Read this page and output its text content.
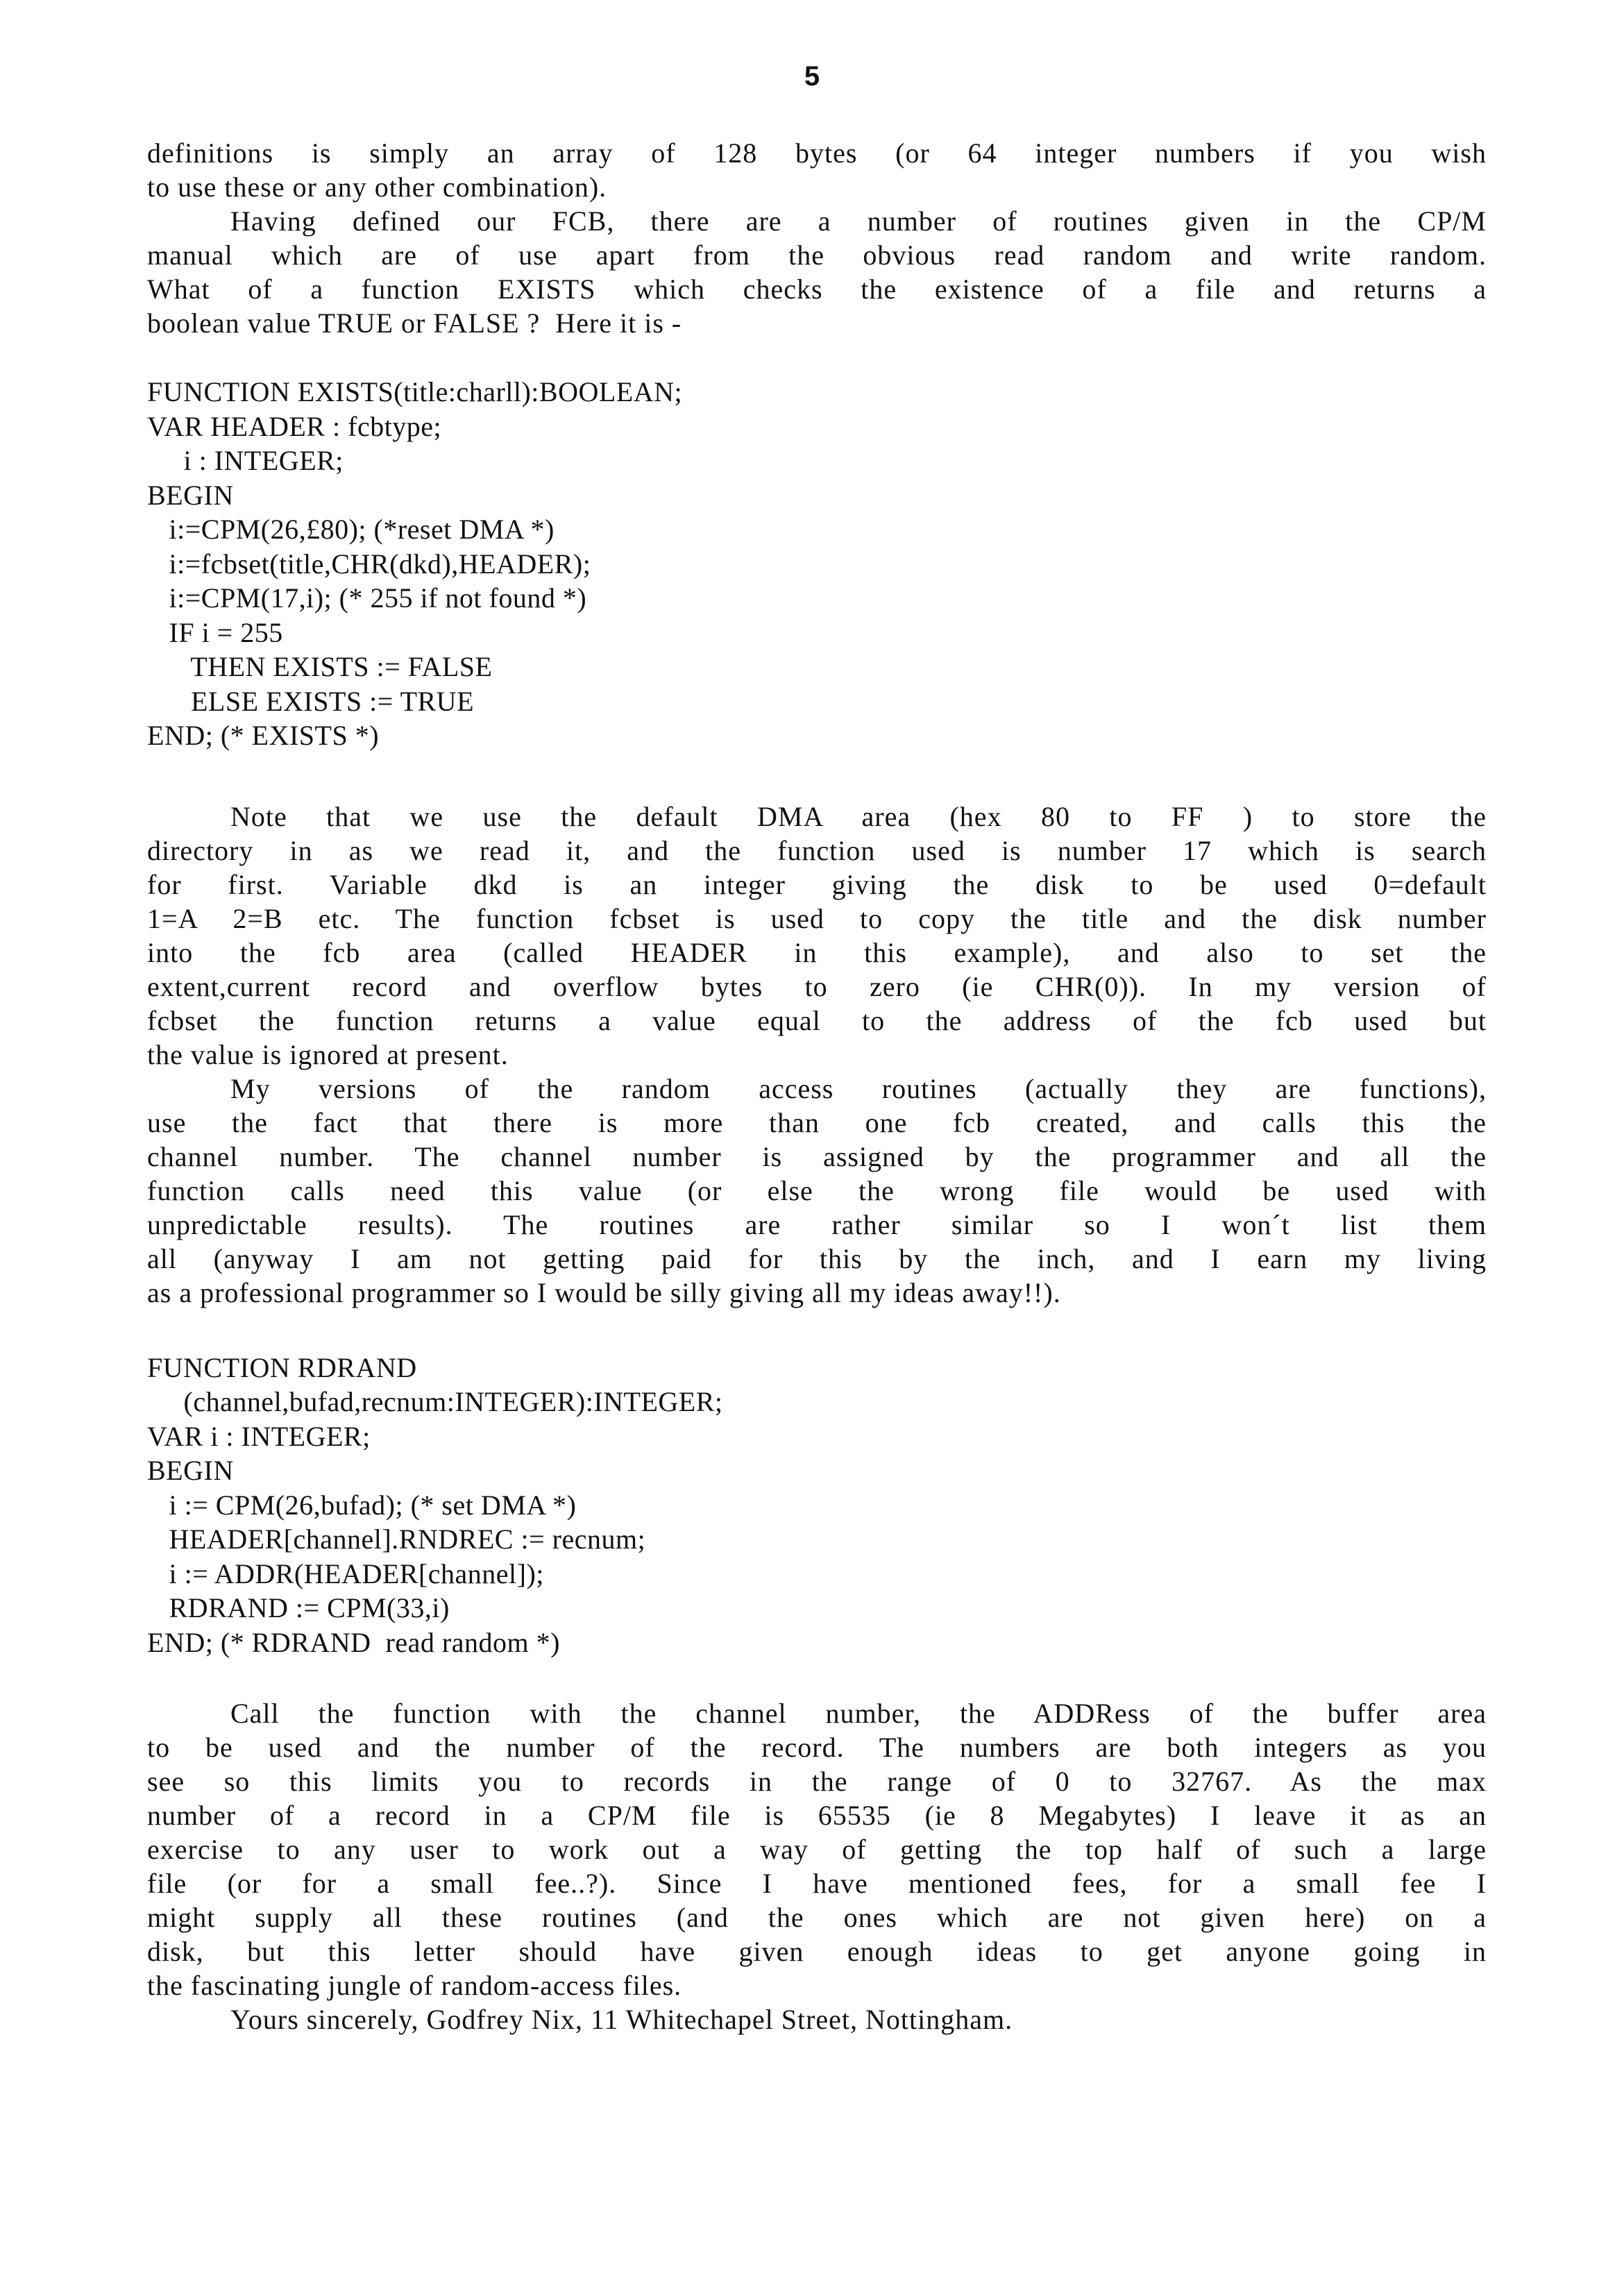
5
definitions is simply an array of 128 bytes (or 64 integer numbers if you wish
to use these or any other combination).
Having defined our FCB, there are a number of routines given in the CP/M
manual which are of use apart from the obvious read random and write random.
What of a function EXISTS which checks the existence of a file and returns a
boolean value TRUE or FALSE ?  Here it is -
FUNCTION EXISTS(title:charll):BOOLEAN;
VAR HEADER : fcbtype;
i : INTEGER;
BEGIN
i:=CPM(26,£80); (*reset DMA *)
i:=fcbset(title,CHR(dkd),HEADER);
i:=CPM(17,i); (* 255 if not found *)
IF i = 255
THEN EXISTS := FALSE
ELSE EXISTS := TRUE
END; (* EXISTS *)
Note that we use the default DMA area (hex 80 to FF ) to store the
directory in as we read it, and the function used is number 17 which is search
for first. Variable dkd is an integer giving the disk to be used 0=default
1=A 2=B etc. The function fcbset is used to copy the title and the disk number
into the fcb area (called HEADER in this example), and also to set the
extent,current record and overflow bytes to zero (ie CHR(0)). In my version of
fcbset the function returns a value equal to the address of the fcb used but
the value is ignored at present.
My versions of the random access routines (actually they are functions),
use the fact that there is more than one fcb created, and calls this the
channel number. The channel number is assigned by the programmer and all the
function calls need this value (or else the wrong file would be used with
unpredictable results). The routines are rather similar so I won´t list them
all (anyway I am not getting paid for this by the inch, and I earn my living
as a professional programmer so I would be silly giving all my ideas away!!).
FUNCTION RDRAND
(channel,bufad,recnum:INTEGER):INTEGER;
VAR i : INTEGER;
BEGIN
i := CPM(26,bufad); (* set DMA *)
HEADER[channel].RNDREC := recnum;
i := ADDR(HEADER[channel]);
RDRAND := CPM(33,i)
END; (* RDRAND  read random *)
Call the function with the channel number, the ADDRess of the buffer area
to be used and the number of the record. The numbers are both integers as you
see so this limits you to records in the range of 0 to 32767. As the max
number of a record in a CP/M file is 65535 (ie 8 Megabytes) I leave it as an
exercise to any user to work out a way of getting the top half of such a large
file (or for a small fee..?). Since I have mentioned fees, for a small fee I
might supply all these routines (and the ones which are not given here) on a
disk, but this letter should have given enough ideas to get anyone going in
the fascinating jungle of random-access files.
Yours sincerely, Godfrey Nix, 11 Whitechapel Street, Nottingham.
